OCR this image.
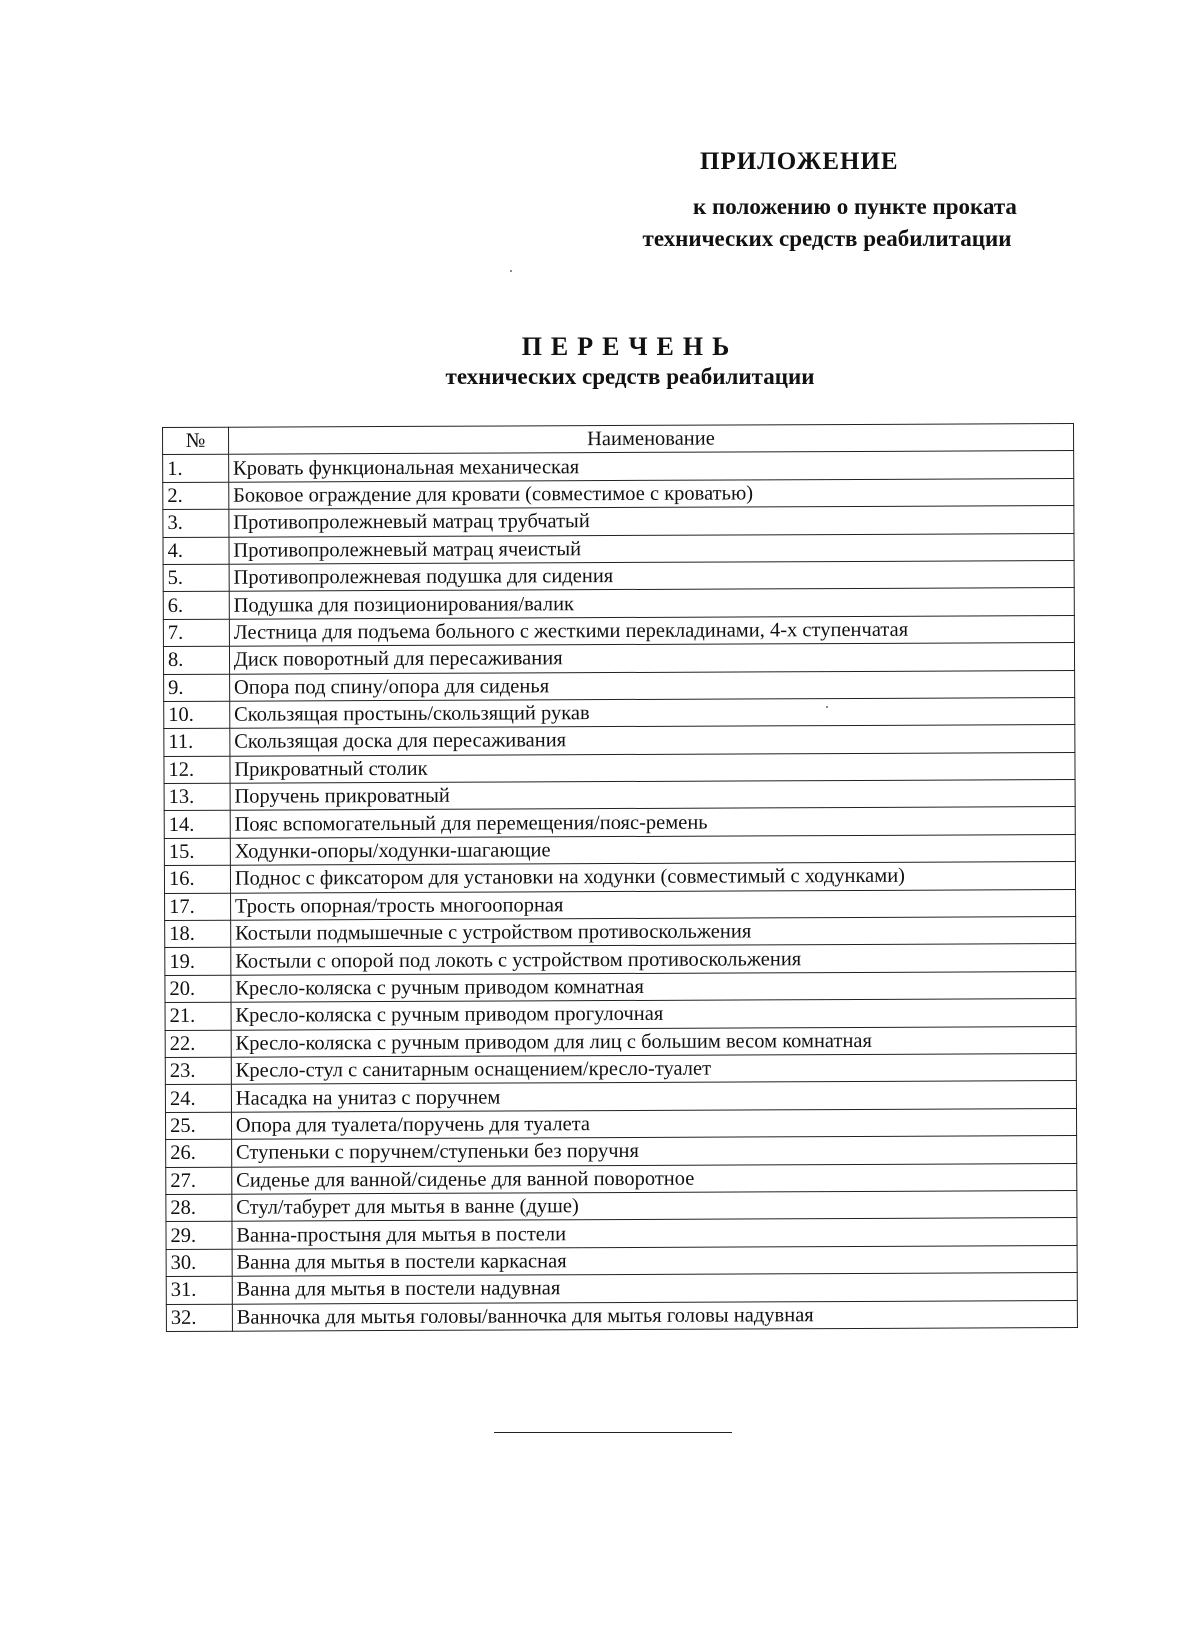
ПРИЛОЖЕНИЕ
к положению о пункте проката
технических средств реабилитации
ПЕРЕЧЕНЬ
технических средств реабилитации
№	Наименование
1.	Кровать функциональная механическая
2.	Боковое ограждение для кровати (совместимое с кроватью)
3.	Противопролежневый матрац трубчатый
4.	Противопролежневый матрац ячеистый
5.	Противопролежневая подушка для сидения
6.	Подушка для позиционирования/валик
7.	Лестница для подъема больного с жесткими перекладинами, 4-х ступенчатая
8.	Диск поворотный для пересаживания
9.	Опора под спину/опора для сиденья
10.	Скользящая простынь/скользящий рукав
11.	Скользящая доска для пересаживания
12.	Прикроватный столик
13.	Поручень прикроватный
14.	Пояс вспомогательный для перемещения/пояс-ремень
15.	Ходунки-опоры/ходунки-шагающие
16.	Поднос с фиксатором для установки на ходунки (совместимый с ходунками)
17.	Трость опорная/трость многоопорная
18.	Костыли подмышечные с устройством противоскольжения
19.	Костыли с опорой под локоть с устройством противоскольжения
20.	Кресло-коляска с ручным приводом комнатная
21.	Кресло-коляска с ручным приводом прогулочная
22.	Кресло-коляска с ручным приводом для лиц с большим весом комнатная
23.	Кресло-стул с санитарным оснащением/кресло-туалет
24.	Насадка на унитаз с поручнем
25.	Опора для туалета/поручень для туалета
26.	Ступеньки с поручнем/ступеньки без поручня
27.	Сиденье для ванной/сиденье для ванной поворотное
28.	Стул/табурет для мытья в ванне (душе)
29.	Ванна-простыня для мытья в постели
30.	Ванна для мытья в постели каркасная
31.	Ванна для мытья в постели надувная
32.	Ванночка для мытья головы/ванночка для мытья головы надувная
